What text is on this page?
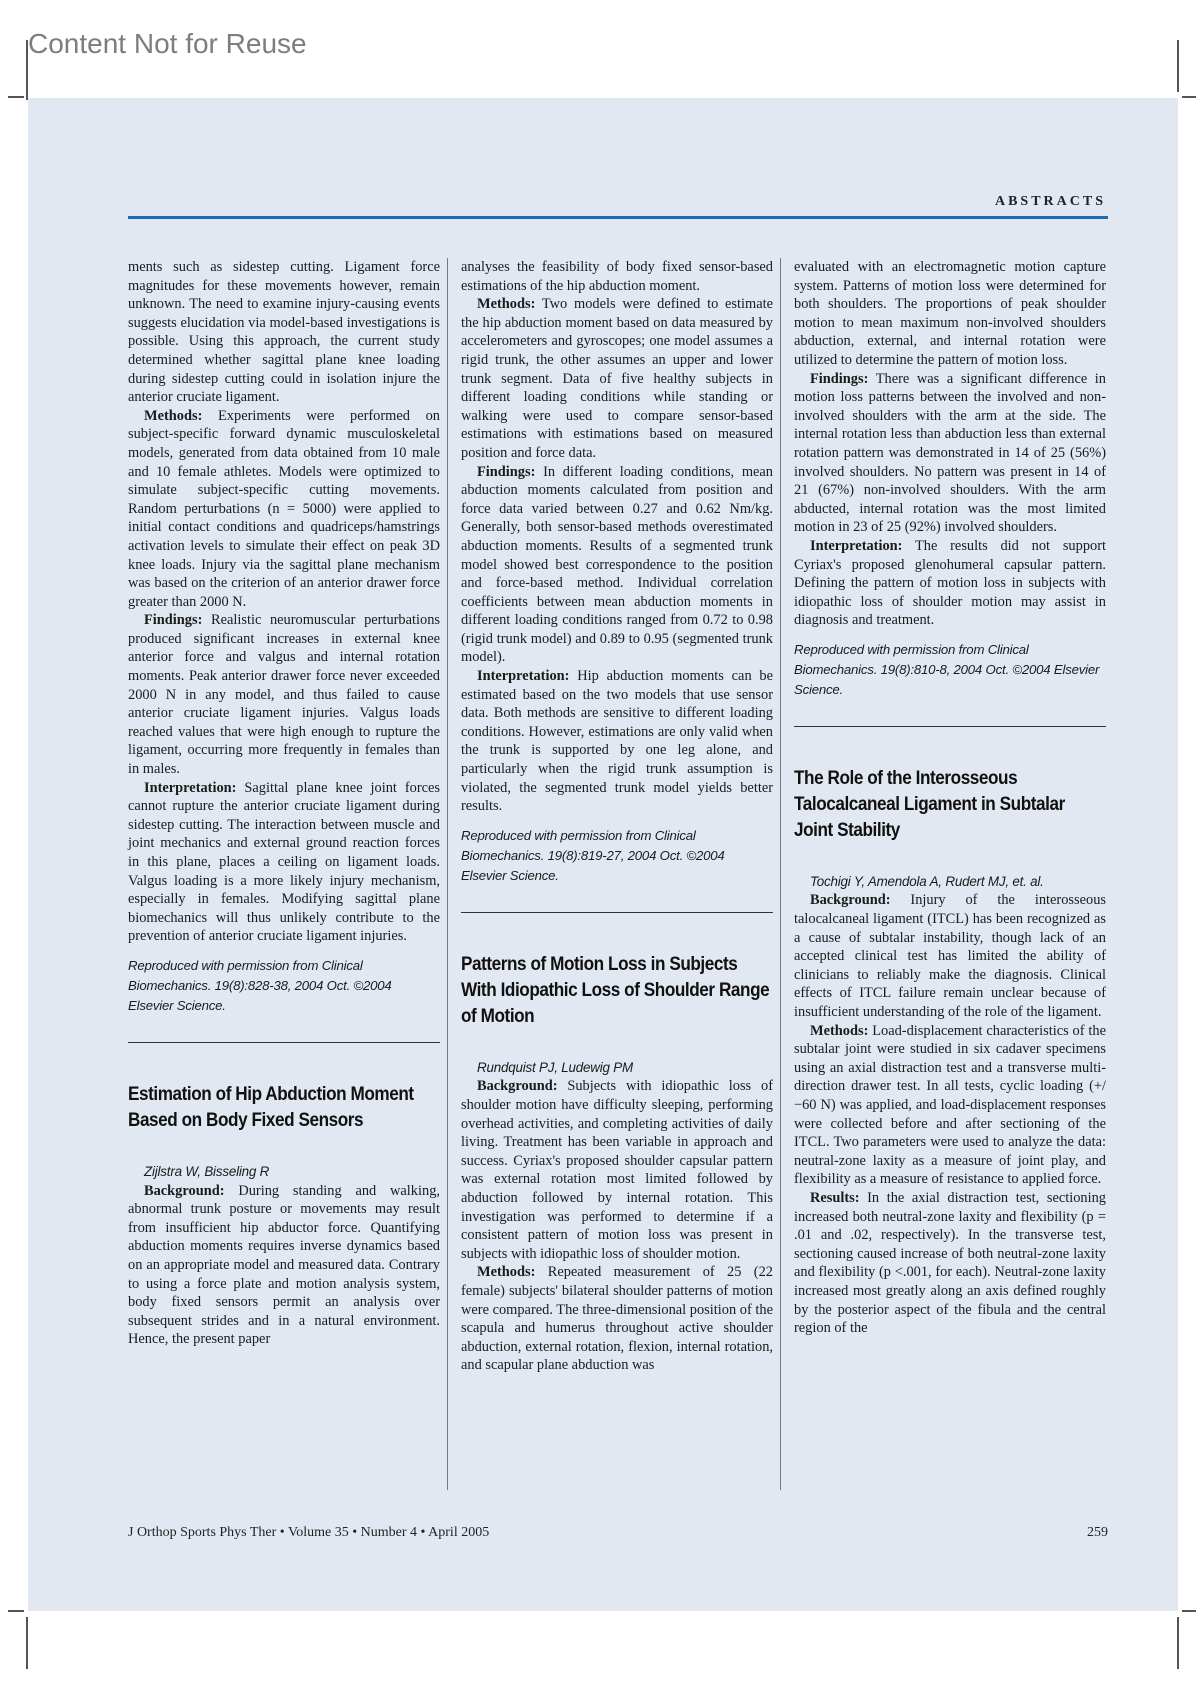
Content Not for Reuse
ABSTRACTS

ments such as sidestep cutting. Ligament force magnitudes for these movements however, remain unknown. The need to examine injury-causing events suggests elucidation via model-based investigations is possible. Using this approach, the current study determined whether sagittal plane knee loading during sidestep cutting could in isolation injure the anterior cruciate ligament.

Methods: Experiments were performed on subject-specific forward dynamic musculoskeletal models, generated from data obtained from 10 male and 10 female athletes. Models were optimized to simulate subject-specific cutting movements. Random perturbations (n = 5000) were applied to initial contact conditions and quadriceps/hamstrings activation levels to simulate their effect on peak 3D knee loads. Injury via the sagittal plane mechanism was based on the criterion of an anterior drawer force greater than 2000 N.

Findings: Realistic neuromuscular perturbations produced significant increases in external knee anterior force and valgus and internal rotation moments. Peak anterior drawer force never exceeded 2000 N in any model, and thus failed to cause anterior cruciate ligament injuries. Valgus loads reached values that were high enough to rupture the ligament, occurring more frequently in females than in males.

Interpretation: Sagittal plane knee joint forces cannot rupture the anterior cruciate ligament during sidestep cutting. The interaction between muscle and joint mechanics and external ground reaction forces in this plane, places a ceiling on ligament loads. Valgus loading is a more likely injury mechanism, especially in females. Modifying sagittal plane biomechanics will thus unlikely contribute to the prevention of anterior cruciate ligament injuries.

Reproduced with permission from Clinical Biomechanics. 19(8):828-38, 2004 Oct. ©2004 Elsevier Science.

Estimation of Hip Abduction Moment Based on Body Fixed Sensors

Zijlstra W, Bisseling R

Background: During standing and walking, abnormal trunk posture or movements may result from insufficient hip abductor force. Quantifying abduction moments requires inverse dynamics based on an appropriate model and measured data. Contrary to using a force plate and motion analysis system, body fixed sensors permit an analysis over subsequent strides and in a natural environment. Hence, the present paper

analyses the feasibility of body fixed sensor-based estimations of the hip abduction moment.

Methods: Two models were defined to estimate the hip abduction moment based on data measured by accelerometers and gyroscopes; one model assumes a rigid trunk, the other assumes an upper and lower trunk segment. Data of five healthy subjects in different loading conditions while standing or walking were used to compare sensor-based estimations with estimations based on measured position and force data.

Findings: In different loading conditions, mean abduction moments calculated from position and force data varied between 0.27 and 0.62 Nm/kg. Generally, both sensor-based methods overestimated abduction moments. Results of a segmented trunk model showed best correspondence to the position and force-based method. Individual correlation coefficients between mean abduction moments in different loading conditions ranged from 0.72 to 0.98 (rigid trunk model) and 0.89 to 0.95 (segmented trunk model).

Interpretation: Hip abduction moments can be estimated based on the two models that use sensor data. Both methods are sensitive to different loading conditions. However, estimations are only valid when the trunk is supported by one leg alone, and particularly when the rigid trunk assumption is violated, the segmented trunk model yields better results.

Reproduced with permission from Clinical Biomechanics. 19(8):819-27, 2004 Oct. ©2004 Elsevier Science.

Patterns of Motion Loss in Subjects With Idiopathic Loss of Shoulder Range of Motion

Rundquist PJ, Ludewig PM

Background: Subjects with idiopathic loss of shoulder motion have difficulty sleeping, performing overhead activities, and completing activities of daily living. Treatment has been variable in approach and success. Cyriax's proposed shoulder capsular pattern was external rotation most limited followed by abduction followed by internal rotation. This investigation was performed to determine if a consistent pattern of motion loss was present in subjects with idiopathic loss of shoulder motion.

Methods: Repeated measurement of 25 (22 female) subjects' bilateral shoulder patterns of motion were compared. The three-dimensional position of the scapula and humerus throughout active shoulder abduction, external rotation, flexion, internal rotation, and scapular plane abduction was

evaluated with an electromagnetic motion capture system. Patterns of motion loss were determined for both shoulders. The proportions of peak shoulder motion to mean maximum non-involved shoulders abduction, external, and internal rotation were utilized to determine the pattern of motion loss.

Findings: There was a significant difference in motion loss patterns between the involved and non-involved shoulders with the arm at the side. The internal rotation less than abduction less than external rotation pattern was demonstrated in 14 of 25 (56%) involved shoulders. No pattern was present in 14 of 21 (67%) non-involved shoulders. With the arm abducted, internal rotation was the most limited motion in 23 of 25 (92%) involved shoulders.

Interpretation: The results did not support Cyriax's proposed glenohumeral capsular pattern. Defining the pattern of motion loss in subjects with idiopathic loss of shoulder motion may assist in diagnosis and treatment.

Reproduced with permission from Clinical Biomechanics. 19(8):810-8, 2004 Oct. ©2004 Elsevier Science.

The Role of the Interosseous Talocalcaneal Ligament in Subtalar Joint Stability

Tochigi Y, Amendola A, Rudert MJ, et. al.

Background: Injury of the interosseous talocalcaneal ligament (ITCL) has been recognized as a cause of subtalar instability, though lack of an accepted clinical test has limited the ability of clinicians to reliably make the diagnosis. Clinical effects of ITCL failure remain unclear because of insufficient understanding of the role of the ligament.

Methods: Load-displacement characteristics of the subtalar joint were studied in six cadaver specimens using an axial distraction test and a transverse multi-direction drawer test. In all tests, cyclic loading (+/−60 N) was applied, and load-displacement responses were collected before and after sectioning of the ITCL. Two parameters were used to analyze the data: neutral-zone laxity as a measure of joint play, and flexibility as a measure of resistance to applied force.

Results: In the axial distraction test, sectioning increased both neutral-zone laxity and flexibility (p = .01 and .02, respectively). In the transverse test, sectioning caused increase of both neutral-zone laxity and flexibility (p <.001, for each). Neutral-zone laxity increased most greatly along an axis defined roughly by the posterior aspect of the fibula and the central region of the

J Orthop Sports Phys Ther • Volume 35 • Number 4 • April 2005	259
